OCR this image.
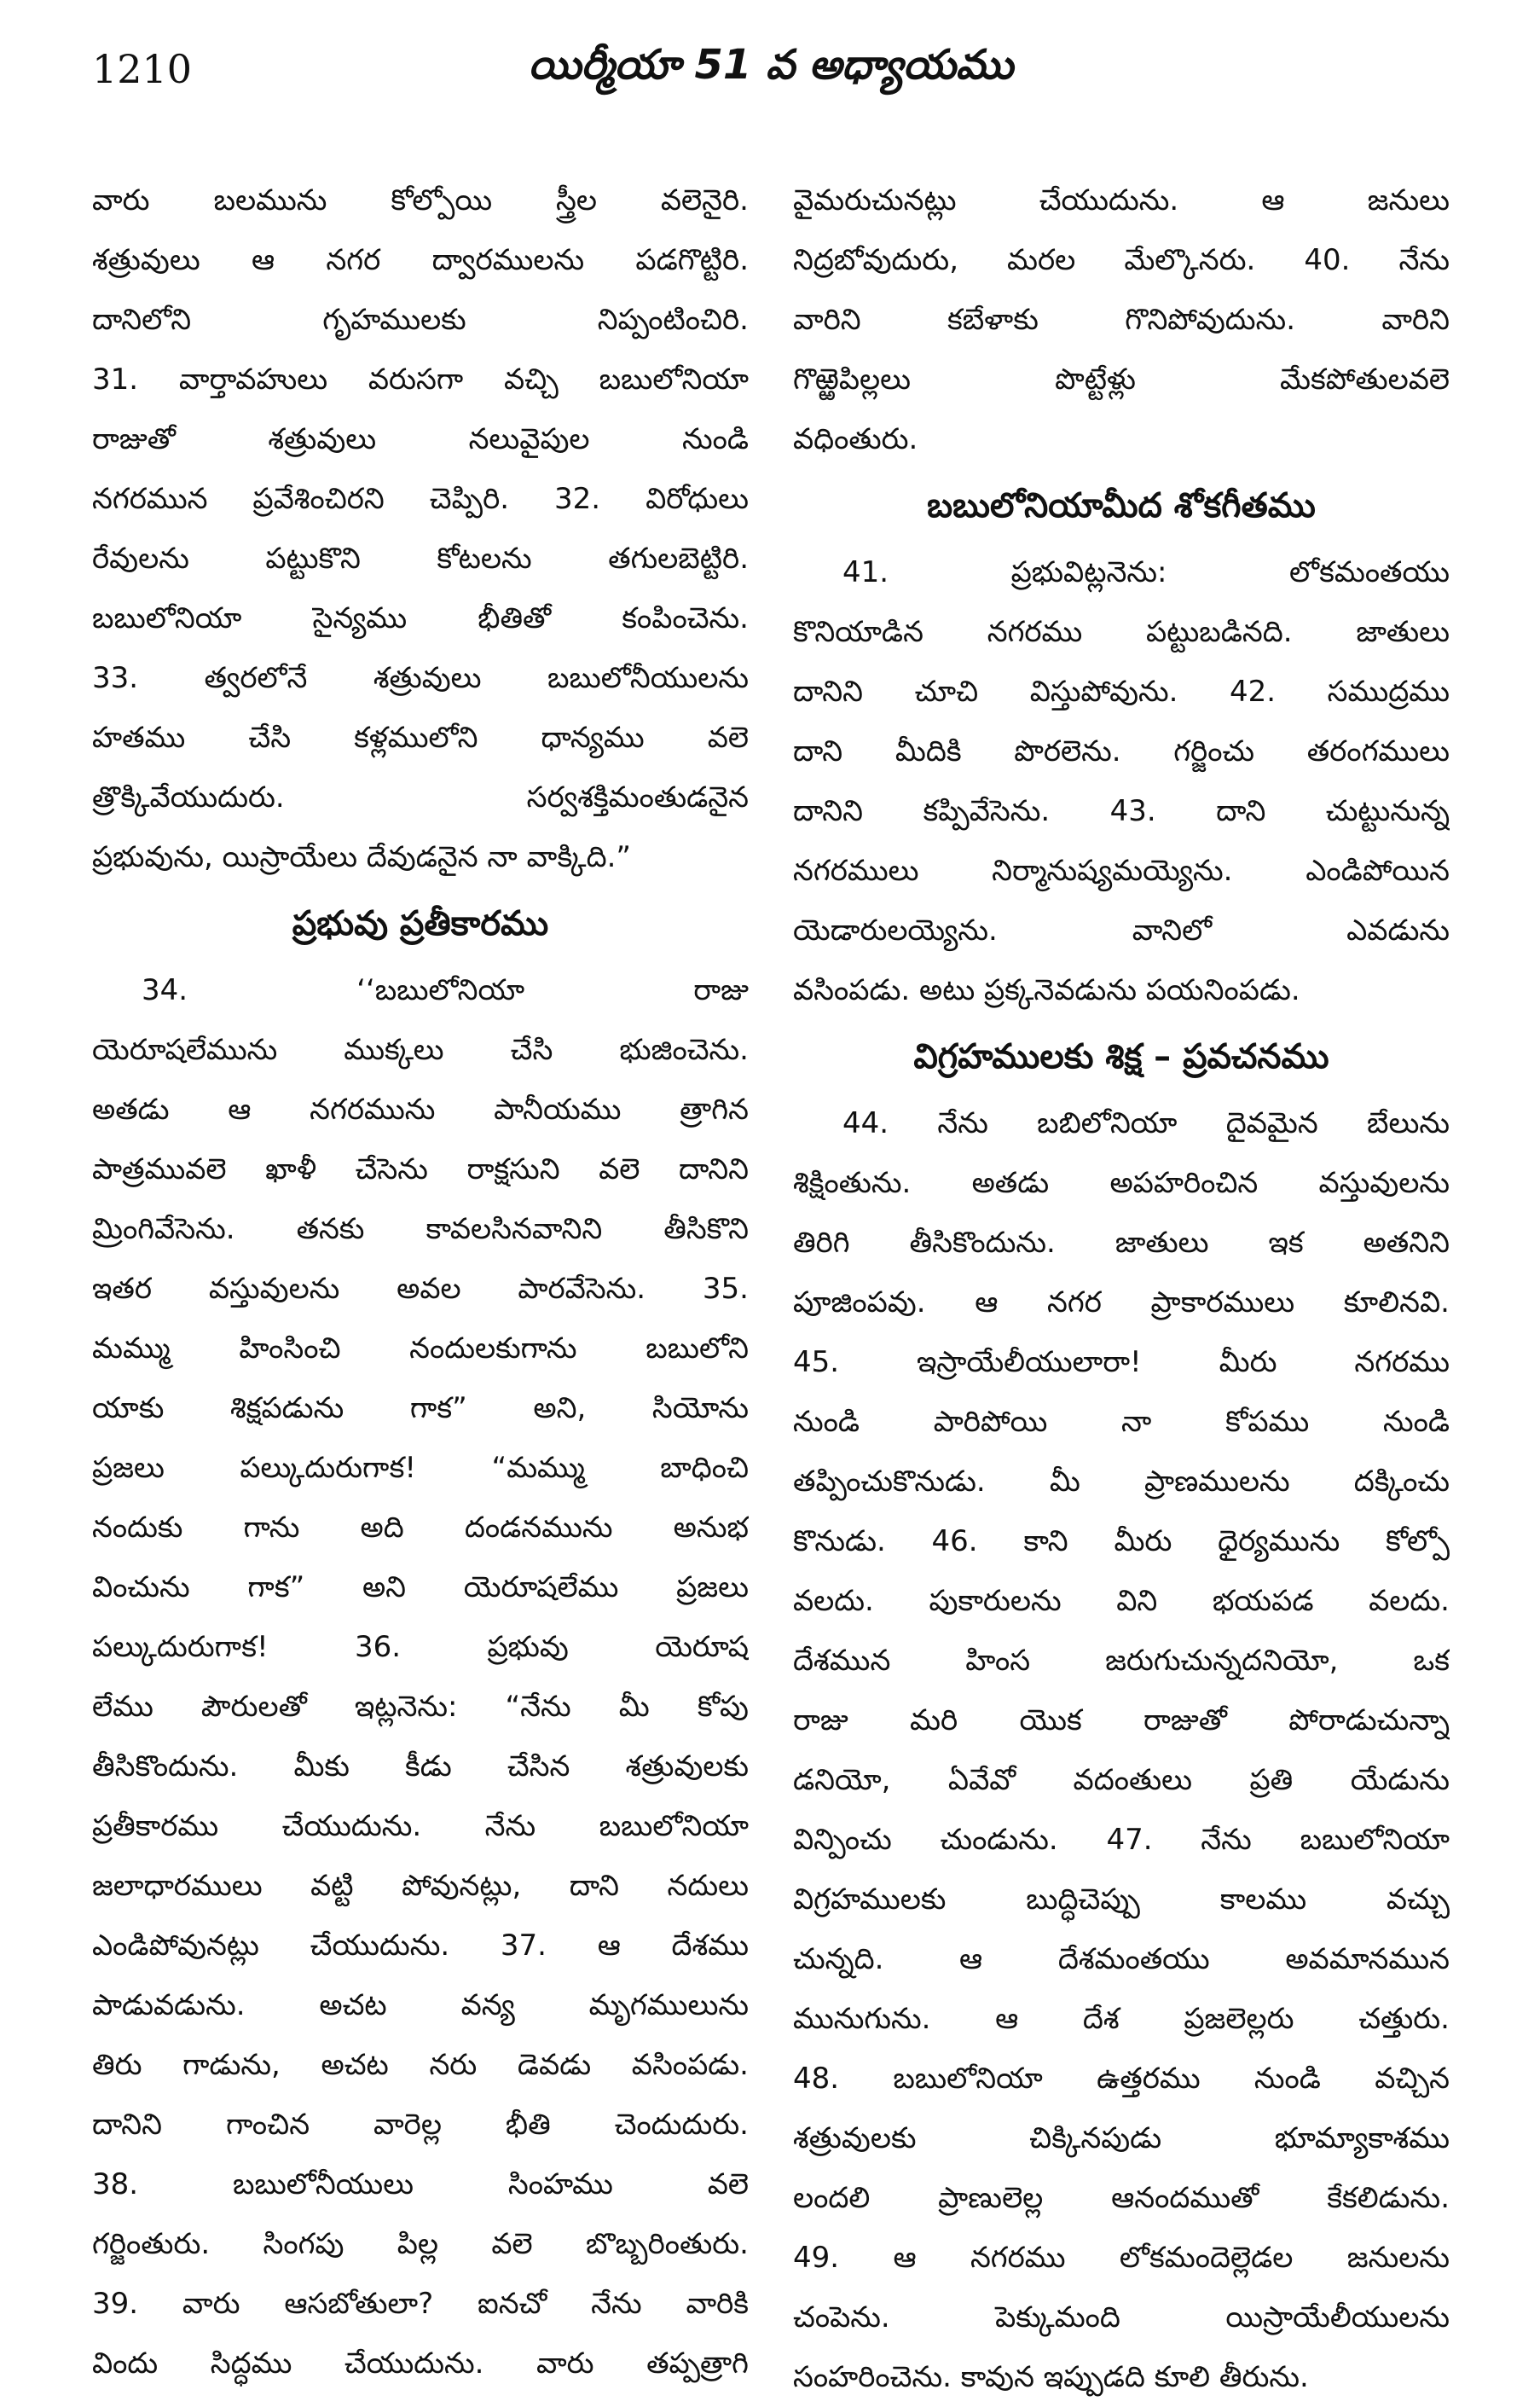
1210	యిర్మీయా 51 వ అధ్యాయము
వారు బలమును కోల్పోయి స్త్రీల వలెనైరి.
శత్రువులు ఆ నగర ద్వారములను పడగొట్టిరి.
దానిలోని గృహములకు నిప్పంటించిరి.
31. వార్తావహులు వరుసగా వచ్చి బబులోనియా
రాజుతో శత్రువులు నలువైపుల నుండి
నగరమున ప్రవేశించిరని చెప్పిరి. 32. విరోధులు
రేవులను పట్టుకొని కోటలను తగులబెట్టిరి.
బబులోనియా సైన్యము భీతితో కంపించెను.
33. త్వరలోనే శత్రువులు బబులోనీయులను
హతము చేసి కళ్లములోని ధాన్యము వలె
త్రొక్కివేయుదురు. సర్వశక్తిమంతుడనైన
ప్రభువును, యిస్రాయేలు దేవుడనైన నా వాక్కిది.”
ప్రభువు ప్రతీకారము
34. ‘‘బబులోనియా రాజు
యెరూషలేమును ముక్కలు చేసి భుజించెను.
అతడు ఆ నగరమును పానీయము త్రాగిన
పాత్రమువలె ఖాళీ చేసెను రాక్షసుని వలె దానిని
మ్రింగివేసెను. తనకు కావలసినవానిని తీసికొని
ఇతర వస్తువులను అవల పారవేసెను. 35.
మమ్ము హింసించి నందులకుగాను బబులోని
యాకు శిక్షపడును గాక” అని, సియోను
ప్రజలు పల్కుదురుగాక! “మమ్ము బాధించి
నందుకు గాను అది దండనమును అనుభ
వించును గాక” అని యెరూషలేము ప్రజలు
పల్కుదురుగాక! 36. ప్రభువు యెరూష
లేము పౌరులతో ఇట్లనెను: “నేను మీ కోపు
తీసికొందును. మీకు కీడు చేసిన శత్రువులకు
ప్రతీకారము చేయుదును. నేను బబులోనియా
జలాధారములు వట్టి పోవునట్లు, దాని నదులు
ఎండిపోవునట్లు చేయుదును. 37. ఆ దేశము
పాడువడును. అచట వన్య మృగములును
తిరు గాడును, అచట నరు డెవడు వసింపడు.
దానిని గాంచిన వారెల్ల భీతి చెందుదురు.
38. బబులోనీయులు సింహము వలె
గర్జింతురు. సింగపు పిల్ల వలె బొబ్బరింతురు.
39. వారు ఆసబోతులా? ఐనచో నేను వారికి
విందు సిద్ధము చేయుదును. వారు తప్పత్రాగి
వైమరుచునట్లు చేయుదును. ఆ జనులు
నిద్రబోవుదురు, మరల మేల్కొనరు. 40. నేను
వారిని కబేళాకు గొనిపోవుదును. వారిని
గొఱ్ఱెపిల్లలు పొట్టేళ్లు మేకపోతులవలె
వధింతురు.
బబులోనియామీద శోకగీతము
41. ప్రభువిట్లనెను: లోకమంతయు
కొనియాడిన నగరము పట్టుబడినది. జాతులు
దానిని చూచి విస్తుపోవును. 42. సముద్రము
దాని మీదికి పొరలెను. గర్జించు తరంగములు
దానిని కప్పివేసెను. 43. దాని చుట్టునున్న
నగరములు నిర్మానుష్యమయ్యెను. ఎండిపోయిన
యెడారులయ్యెను. వానిలో ఎవడును
వసింపడు. అటు ప్రక్కనెవడును పయనింపడు.
విగ్రహములకు శిక్ష – ప్రవచనము
44. నేను బబిలోనియా దైవమైన బేలును
శిక్షింతును. అతడు అపహరించిన వస్తువులను
తిరిగి తీసికొందును. జాతులు ఇక అతనిని
పూజింపవు. ఆ నగర ప్రాకారములు కూలినవి.
45. ఇస్రాయేలీయులారా! మీరు నగరము
నుండి పారిపోయి నా కోపము నుండి
తప్పించుకొనుడు. మీ ప్రాణములను దక్కించు
కొనుడు. 46. కాని మీరు ధైర్యమును కోల్పో
వలదు. పుకారులను విని భయపడ వలదు.
దేశమున హింస జరుగుచున్నదనియో, ఒక
రాజు మరి యొక రాజుతో పోరాడుచున్నా
డనియో, ఏవేవో వదంతులు ప్రతి యేడును
విన్పించు చుండును. 47. నేను బబులోనియా
విగ్రహములకు బుద్ధిచెప్పు కాలము వచ్చు
చున్నది. ఆ దేశమంతయు అవమానమున
మునుగును. ఆ దేశ ప్రజలెల్లరు చత్తురు.
48. బబులోనియా ఉత్తరము నుండి వచ్చిన
శత్రువులకు చిక్కినపుడు భూమ్యాకాశము
లందలి ప్రాణులెల్ల ఆనందముతో కేకలిడును.
49. ఆ నగరము లోకమందెల్లెడల జనులను
చంపెను. పెక్కుమంది యిస్రాయేలీయులను
సంహరించెను. కావున ఇప్పుడది కూలి తీరును.
